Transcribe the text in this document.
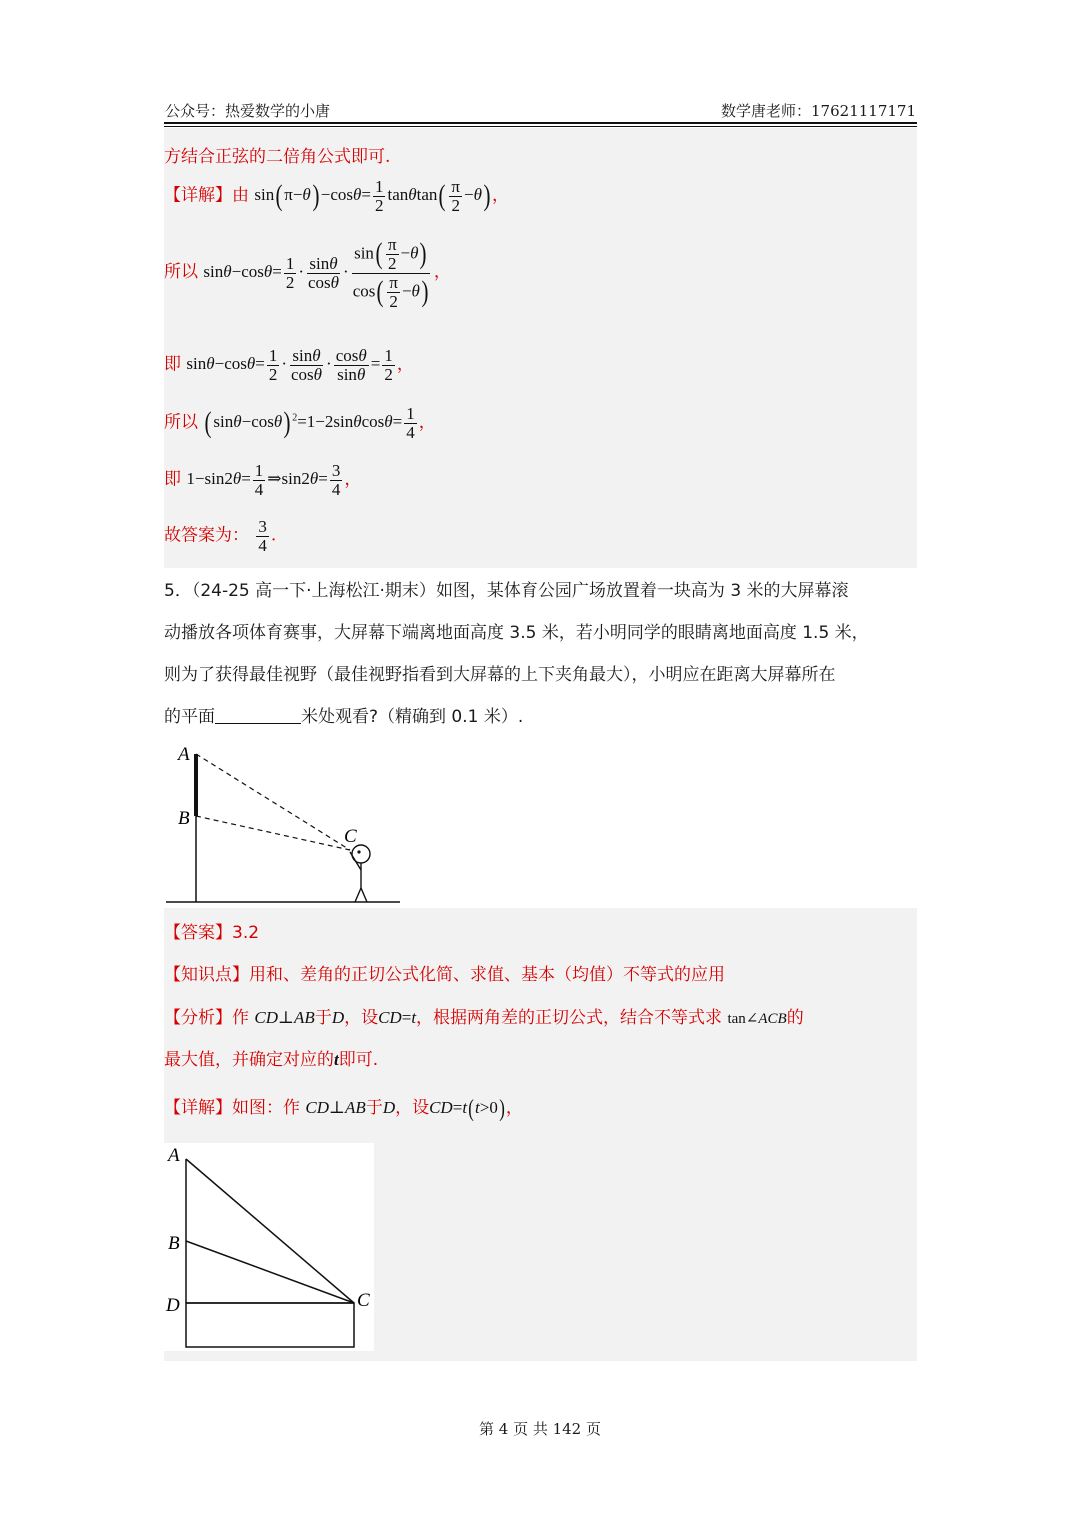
公众号：热爱数学的小唐	数学唐老师：17621117171
方结合正弦的二倍角公式即可.
【详解】由 $\sin(\pi-\theta)-\cos\theta= \frac{1}{2} \tan\theta\tan( \frac{\pi}{2} -\theta)$，
所以 $\sin\theta-\cos\theta= \frac{1}{2} \cdot \frac{\sin\theta}{\cos\theta} \cdot \frac{\sin( \frac{\pi}{2} -\theta)}{\cos( \frac{\pi}{2} -\theta)}$ ，
即 $\sin\theta-\cos\theta= \frac{1}{2} \cdot \frac{\sin\theta}{\cos\theta} \cdot \frac{\cos\theta}{\sin\theta} = \frac{1}{2}$ ，
所以 (sinθ−cosθ) $^2=1-2\sin\theta\cos\theta= \frac{1}{4}$ ，
即 $1-\sin 2\theta= \frac{1}{4}$ ⇒sin2θ= $\frac{3}{4}$ ，
故答案为： $\frac{3}{4}$ .
5．（24-25 高一下·上海松江·期末）如图，某体育公园广场放置着一块高为 3 米的大屏幕滚
动播放各项体育赛事，大屏幕下端离地面高度 3.5 米，若小明同学的眼睛离地面高度 1.5 米，
则为了获得最佳视野（最佳视野指看到大屏幕的上下夹角最大），小明应在距离大屏幕所在
的平面	米处观看?（精确到 0.1 米）.
A
B
C
【答案】3.2
【知识点】用和、差角的正切公式化简、求值、基本（均值）不等式的应用
【分析】作 CD⊥AB于D，设CD=t，根据两角差的正切公式，结合不等式求 tan∠ACB的
最大值，并确定对应的t即可.
【详解】如图：作 CD⊥AB于D，设CD=t(t>0)，
A
B
D	C
第 4 页 共 142 页
